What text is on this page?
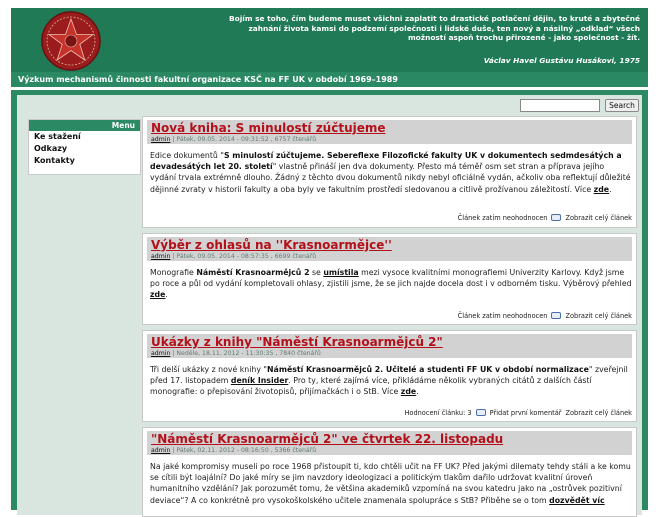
Bojím se toho, čím budeme muset všichni zaplatit to drastické potlačení dějin, to kruté a zbytečné zahnání života kamsi do podzemí společnosti i lidské duše, ten nový a násilný „odklad“ všech možností aspoň trochu přirozené - jako společnost - žít.
Václav Havel Gustávu Husákovi, 1975
Výzkum mechanismů činnosti fakultní organizace KSČ na FF UK v období 1969–1989
Search
Menu
Ke stažení
Odkazy
Kontakty
Nová kniha: S minulostí zúčtujeme
admin | Pátek, 09.05. 2014 - 09:31:52 , 6757 čtenářů
Edice dokumentů "S minulostí zúčtujeme. Sebereflexe Filozofické fakulty UK v dokumentech sedmdesátých a devadesátých let 20. století" vlastně přináší jen dva dokumenty. Přesto má téměř osm set stran a příprava jejího vydání trvala extrémně dlouho. Žádný z těchto dvou dokumentů nikdy nebyl oficiálně vydán, ačkoliv oba reflektují důležité dějinné zvraty v historii fakulty a oba byly ve fakultním prostředí sledovanou a citlivě prožívanou záležitostí. Více zde.
Článek zatím neohodnocen	Zobrazit celý článek
Výběr z ohlasů na ''Krasnoarmějce''
admin | Pátek, 09.05. 2014 - 08:57:35 , 6699 čtenářů
Monografie Náměstí Krasnoarmějců 2 se umístila mezi vysoce kvalitními monografiemi Univerzity Karlovy. Když jsme po roce a půl od vydání kompletovali ohlasy, zjistili jsme, že se jich najde docela dost i v odborném tisku. Výběrový přehled zde.
Článek zatím neohodnocen	Zobrazit celý článek
Ukázky z knihy "Náměstí Krasnoarmějců 2"
admin | Neděle, 18.11. 2012 - 11:30:35 , 7840 čtenářů
Tři delší ukázky z nové knihy "Náměstí Krasnoarmějců 2. Učitelé a studenti FF UK v období normalizace" zveřejnil před 17. listopadem deník Insider. Pro ty, které zajímá více, přikládáme několik vybraných citátů z dalších částí monografie: o přepisování životopisů, přijímačkách i o StB. Více zde.
Hodnocení článku: 3	Přidat první komentář Zobrazit celý článek
"Náměstí Krasnoarmějců 2" ve čtvrtek 22. listopadu
admin | Pátek, 02.11. 2012 - 08:16:50 , 5366 čtenářů
Na jaké kompromisy museli po roce 1968 přistoupit ti, kdo chtěli učit na FF UK? Před jakými dilematy tehdy stáli a ke komu se cítili být loajální? Do jaké míry se jim navzdory ideologizaci a politickým tlakům dařilo udržovat kvalitní úroveň humanitního vzdělání? Jak porozumět tomu, že většina akademiků vzpomíná na svou katedru jako na „ostrůvek pozitivní deviace“? A co konkrétně pro vysokoškolského učitele znamenala spolupráce s StB? Přiběhe se o tom dozvědět víc
